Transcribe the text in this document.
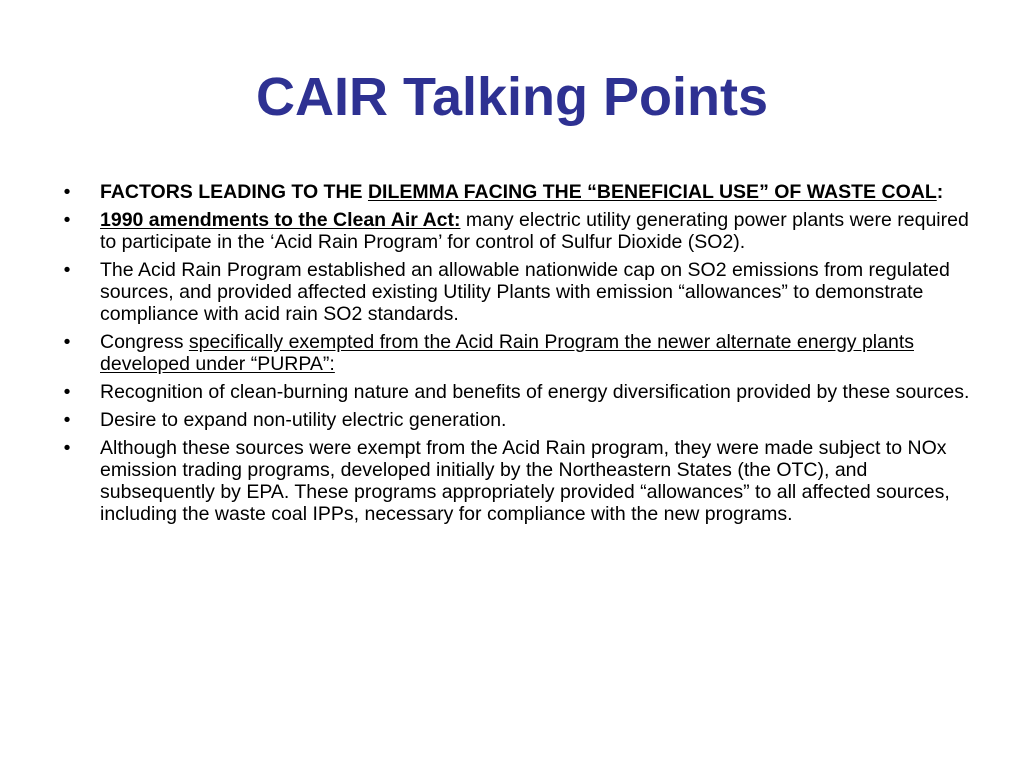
CAIR Talking Points
• FACTORS LEADING TO THE DILEMMA FACING THE “BENEFICIAL USE” OF WASTE COAL:
• 1990 amendments to the Clean Air Act: many electric utility generating power plants were required to participate in the ‘Acid Rain Program’ for control of Sulfur Dioxide (SO2).
• The Acid Rain Program established an allowable nationwide cap on SO2 emissions from regulated sources, and provided affected existing Utility Plants with emission “allowances” to demonstrate compliance with acid rain SO2 standards.
• Congress specifically exempted from the Acid Rain Program the newer alternate energy plants developed under “PURPA”:
• Recognition of clean-burning nature and benefits of energy diversification provided by these sources.
• Desire to expand non-utility electric generation.
• Although these sources were exempt from the Acid Rain program, they were made subject to NOx emission trading programs, developed initially by the Northeastern States (the OTC), and subsequently by EPA. These programs appropriately provided “allowances” to all affected sources, including the waste coal IPPs, necessary for compliance with the new programs.
